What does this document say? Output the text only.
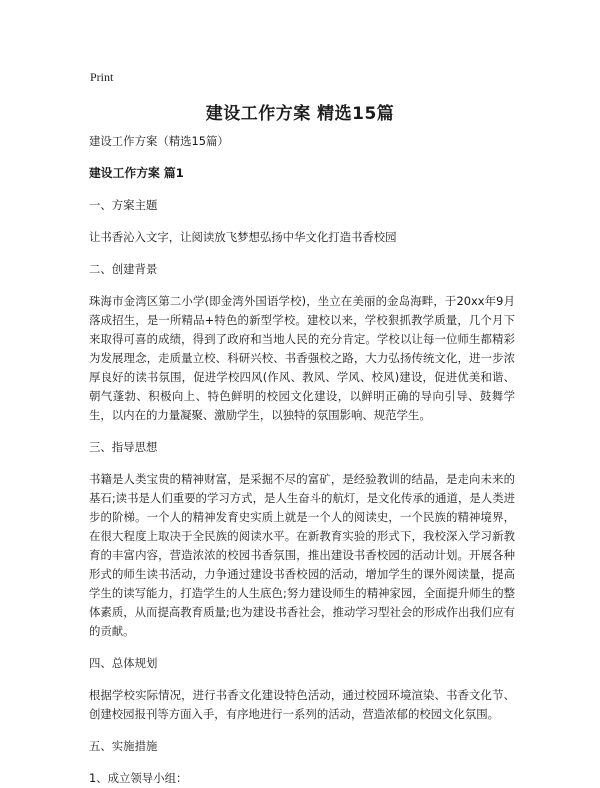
Print
建设工作方案 精选15篇

建设工作方案（精选15篇）

建设工作方案 篇1

一、方案主题

让书香沁入文字，让阅读放飞梦想弘扬中华文化打造书香校园

二、创建背景

珠海市金湾区第二小学(即金湾外国语学校)，坐立在美丽的金岛海畔，于20xx年9月落成招生，是一所精品+特色的新型学校。建校以来，学校狠抓教学质量，几个月下来取得可喜的成绩，得到了政府和当地人民的充分肯定。学校以让每一位师生都精彩为发展理念，走质量立校、科研兴校、书香强校之路，大力弘扬传统文化，进一步浓厚良好的读书氛围，促进学校四风(作风、教风、学风、校风)建设，促进优美和谐、朝气蓬勃、积极向上、特色鲜明的校园文化建设，以鲜明正确的导向引导、鼓舞学生，以内在的力量凝聚、激励学生，以独特的氛围影响、规范学生。

三、指导思想

书籍是人类宝贵的精神财富，是采掘不尽的富矿，是经验教训的结晶，是走向未来的基石;读书是人们重要的学习方式，是人生奋斗的航灯，是文化传承的通道，是人类进步的阶梯。一个人的精神发育史实质上就是一个人的阅读史，一个民族的精神境界，在很大程度上取决于全民族的阅读水平。在新教育实验的形式下，我校深入学习新教育的丰富内容，营造浓浓的校园书香氛围，推出建设书香校园的活动计划。开展各种形式的师生读书活动，力争通过建设书香校园的活动，增加学生的课外阅读量，提高学生的读写能力，打造学生的人生底色;努力建设师生的精神家园，全面提升师生的整体素质，从而提高教育质量;也为建设书香社会，推动学习型社会的形成作出我们应有的贡献。

四、总体规划

根据学校实际情况，进行书香文化建设特色活动，通过校园环境渲染、书香文化节、创建校园报刊等方面入手，有序地进行一系列的活动，营造浓郁的校园文化氛围。

五、实施措施

1、成立领导小组：
